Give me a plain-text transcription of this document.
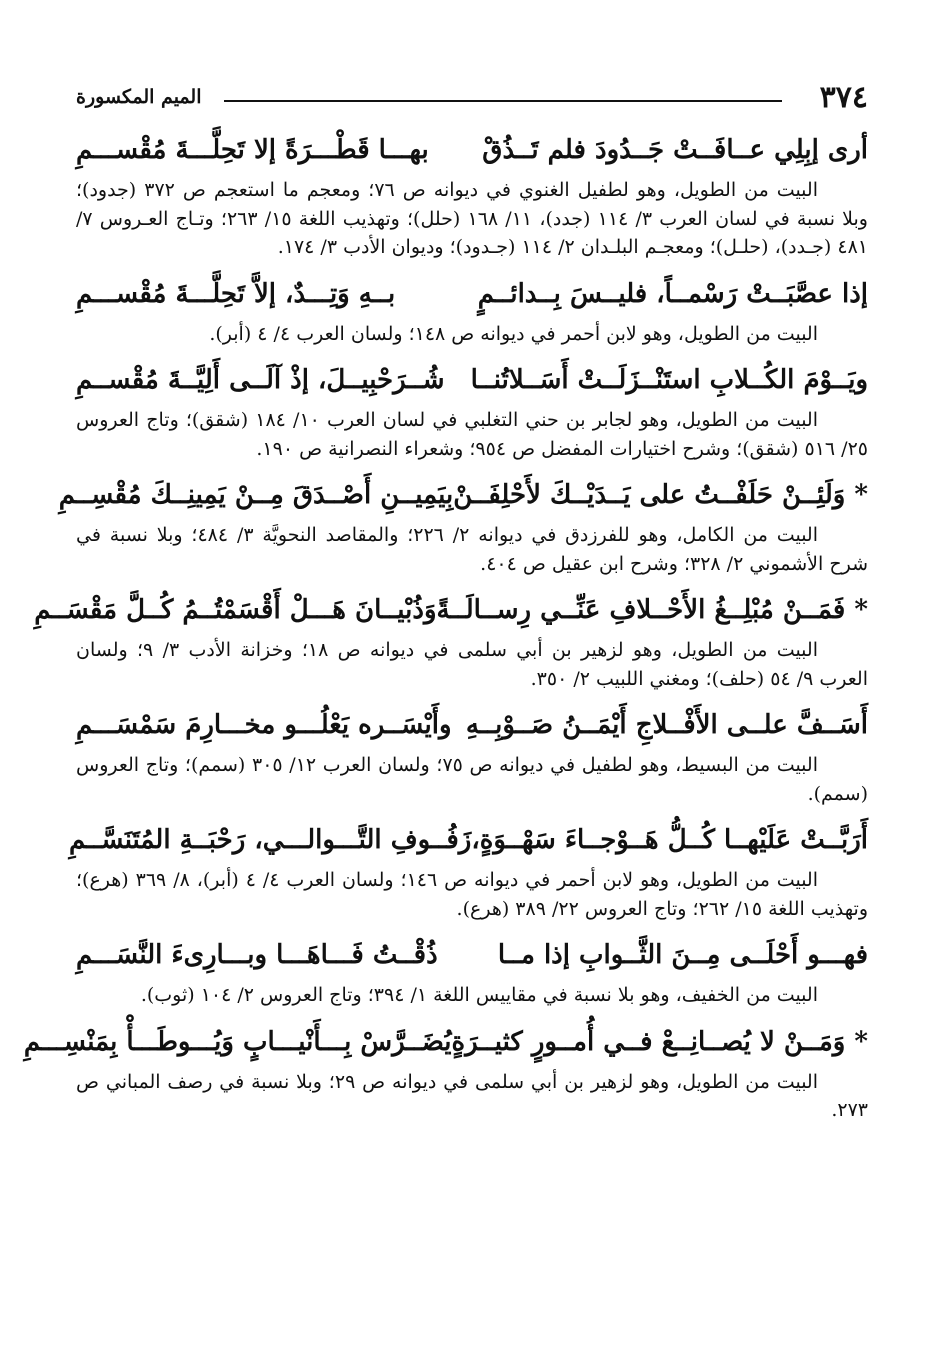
٣٧٤
الميم المكسورة
أرى إبِلِي عــافَــتْ جَــدُودَ فلم تَــذُقْ
بهـــا قَطْـــرَةً إلا تَحِلَّـــةَ مُقْســـمِ

البيت من الطويل، وهو لطفيل الغنوي في ديوانه ص ٧٦؛ ومعجم ما استعجم ص ٣٧٢ (جدود)؛ وبلا نسبة في لسان العرب ٣/ ١١٤ (جدد)، ١١/ ١٦٨ (حلل)؛ وتهذيب اللغة ١٥/ ٢٦٣؛ وتـاج العـروس ٧/ ٤٨١ (جـدد)، (حلـل)؛ ومعجـم البلـدان ٢/ ١١٤ (جـدود)؛ وديوان الأدب ٣/ ١٧٤.

إذا عصَّبَــتْ رَسْمــاً، فليــسَ بِــدائــمٍ
بــهِ وَتِـــدٌ، إلاَّ تَحِلَّـــةَ مُقْســـمِ

البيت من الطويل، وهو لابن أحمر في ديوانه ص ١٤٨؛ ولسان العرب ٤/ ٤ (أبر).

ويَــوْمَ الكُــلابِ استَنْــزَلَــتْ أَسَــلاتُنــا
شُــرَحْبِيــلَ، إذْ آلَــى أَلِيَّــةَ مُقْســمِ

البيت من الطويل، وهو لجابر بن حني التغلبي في لسان العرب ١٠/ ١٨٤ (شقق)؛ وتاج العروس ٢٥/ ٥١٦ (شقق)؛ وشرح اختيارات المفضل ص ٩٥٤؛ وشعراء النصرانية ص ١٩٠.

* وَلَئِــنْ حَلَفْــتُ على يَــدَيْــكَ لأَحْلِفَــنْ
بِيَمِيــنِ أَصْــدَقَ مِــنْ يَمِينِــكَ مُقْسِــمِ

البيت من الكامل، وهو للفرزدق في ديوانه ٢/ ٢٢٦؛ والمقاصد النحويَّة ٣/ ٤٨٤؛ وبلا نسبة في شرح الأشموني ٢/ ٣٢٨؛ وشرح ابن عقيل ص ٤٠٤.

* فَمَــنْ مُبْلِــغُ الأَحْــلافِ عَنِّــي رِســالَــةً
وَذُبْيــانَ هَـــلْ أَقْسَمْتُــمُ كُــلَّ مَقْسَــمِ

البيت من الطويل، وهو لزهير بن أبي سلمى في ديوانه ص ١٨؛ وخزانة الأدب ٣/ ٩؛ ولسان العرب ٩/ ٥٤ (حلف)؛ ومغني اللبيب ٢/ ٣٥٠.

أَسَــفَّ علــى الأَفْــلاجِ أَيْمَــنُ صَــوْبِــهِ
وأَيْسَــره يَعْلُـــو مخـــارِمَ سَمْسَـــمِ

البيت من البسيط، وهو لطفيل في ديوانه ص ٧٥؛ ولسان العرب ١٢/ ٣٠٥ (سمم)؛ وتاج العروس (سمم).

أَرَبَّــتْ عَلَيْهــا كُــلُّ هَــوْجــاءَ سَهْــوَةٍ،
زَفُــوفِ التَّـــوالـــي، رَحْبَــةِ المُتَنَسَّــمِ

البيت من الطويل، وهو لابن أحمر في ديوانه ص ١٤٦؛ ولسان العرب ٤/ ٤ (أبر)، ٨/ ٣٦٩ (هرع)؛ وتهذيب اللغة ١٥/ ٢٦٢؛ وتاج العروس ٢٢/ ٣٨٩ (هرع).

فهـــو أَحْلَــى مِــنَ الثَّــوابِ إذا مــا
ذُقْــتُ فَـــاهَـــا وبـــارِىءَ النَّسَـــمِ

البيت من الخفيف، وهو بلا نسبة في مقاييس اللغة ١/ ٣٩٤؛ وتاج العروس ٢/ ١٠٤ (ثوب).

* وَمَــنْ لا يُصــانِــعْ فــي أُمــورٍ كثيــرَةٍ
يُضَــرَّسْ بِـــأَنْيـــابٍ وَيُـــوطَـــأْ بِمَنْسِـــمِ

البيت من الطويل، وهو لزهير بن أبي سلمى في ديوانه ص ٢٩؛ وبلا نسبة في رصف المباني ص ٢٧٣.
